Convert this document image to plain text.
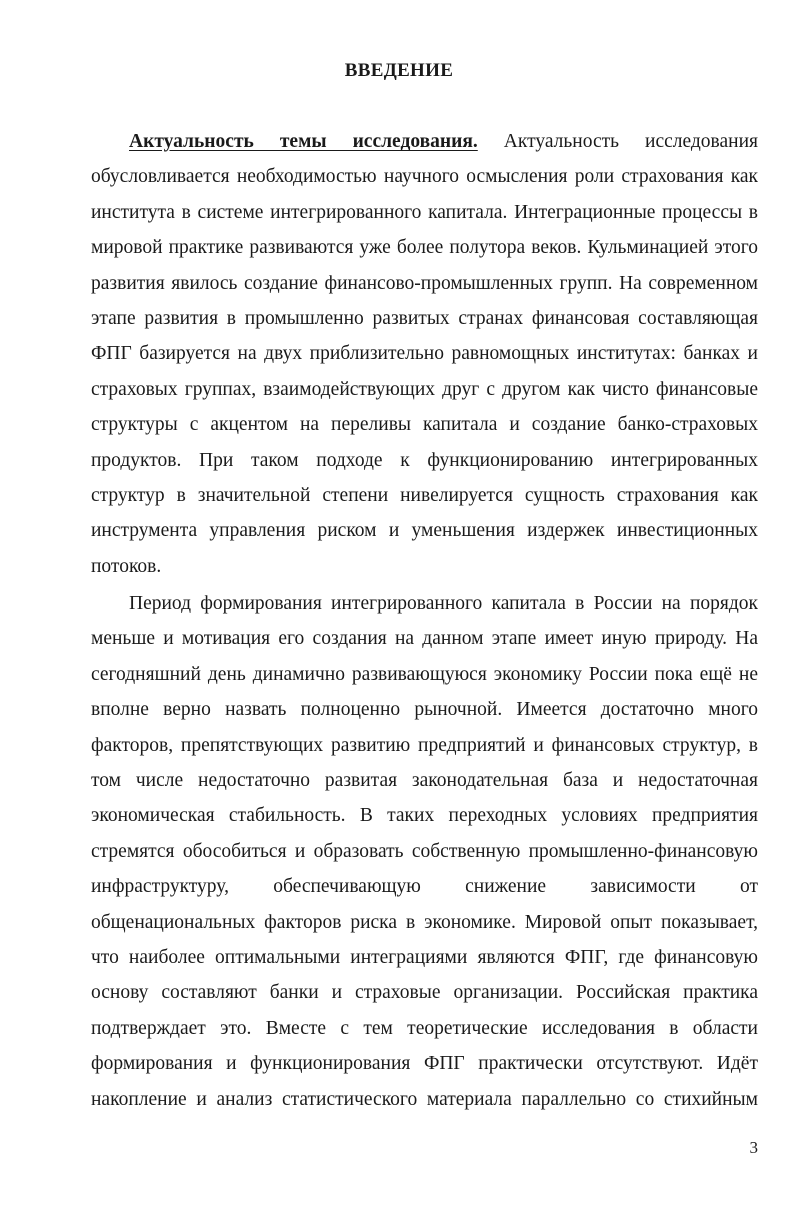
ВВЕДЕНИЕ
Актуальность темы исследования. Актуальность исследования
обусловливается необходимостью научного осмысления роли страхования как
института в системе интегрированного капитала. Интеграционные процессы в
мировой практике развиваются уже более полутора веков. Кульминацией этого
развития явилось создание финансово-промышленных групп. На современном
этапе развития в промышленно развитых странах финансовая составляющая
ФПГ базируется на двух приблизительно равномощных институтах: банках и
страховых группах, взаимодействующих друг с другом как чисто финансовые
структуры с акцентом на переливы капитала и создание банко-страховых
продуктов. При таком подходе к функционированию интегрированных
структур в значительной степени нивелируется сущность страхования как
инструмента управления риском и уменьшения издержек инвестиционных
потоков.
Период формирования интегрированного капитала в России на порядок
меньше и мотивация его создания на данном этапе имеет иную природу. На
сегодняшний день динамично развивающуюся экономику России пока ещё не
вполне верно назвать полноценно рыночной. Имеется достаточно много
факторов, препятствующих развитию предприятий и финансовых структур, в
том числе недостаточно развитая законодательная база и недостаточная
экономическая стабильность. В таких переходных условиях предприятия
стремятся обособиться и образовать собственную промышленно-финансовую
инфраструктуру, обеспечивающую снижение зависимости от
общенациональных факторов риска в экономике. Мировой опыт показывает,
что наиболее оптимальными интеграциями являются ФПГ, где финансовую
основу составляют банки и страховые организации. Российская практика
подтверждает это. Вместе с тем теоретические исследования в области
формирования и функционирования ФПГ практически отсутствуют. Идёт
накопление и анализ статистического материала параллельно со стихийным
3
